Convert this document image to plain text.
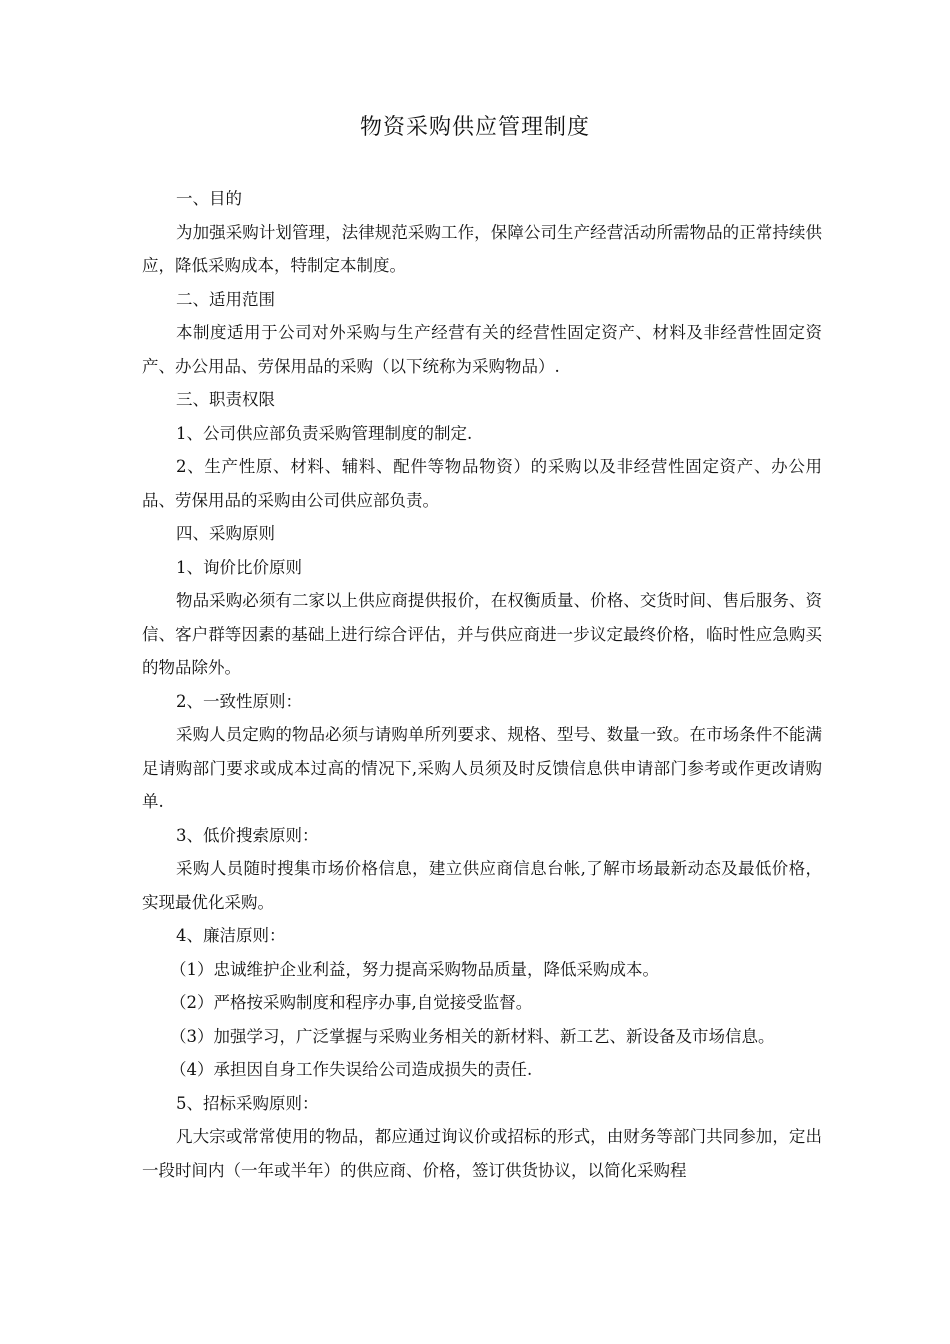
物资采购供应管理制度

一、目的

为加强采购计划管理，法律规范采购工作，保障公司生产经营活动所需物品的正常持续供应，降低采购成本，特制定本制度。

二、适用范围

本制度适用于公司对外采购与生产经营有关的经营性固定资产、材料及非经营性固定资产、办公用品、劳保用品的采购（以下统称为采购物品）.

三、职责权限

1、公司供应部负责采购管理制度的制定.

2、生产性原、材料、辅料、配件等物品物资）的采购以及非经营性固定资产、办公用品、劳保用品的采购由公司供应部负责。

四、采购原则

1、询价比价原则

物品采购必须有二家以上供应商提供报价，在权衡质量、价格、交货时间、售后服务、资信、客户群等因素的基础上进行综合评估，并与供应商进一步议定最终价格，临时性应急购买的物品除外。

2、一致性原则：

采购人员定购的物品必须与请购单所列要求、规格、型号、数量一致。在市场条件不能满足请购部门要求或成本过高的情况下,采购人员须及时反馈信息供申请部门参考或作更改请购单.

3、低价搜索原则：

采购人员随时搜集市场价格信息，建立供应商信息台帐,了解市场最新动态及最低价格，实现最优化采购。

4、廉洁原则：

（1）忠诚维护企业利益，努力提高采购物品质量，降低采购成本。

（2）严格按采购制度和程序办事,自觉接受监督。

（3）加强学习，广泛掌握与采购业务相关的新材料、新工艺、新设备及市场信息。

（4）承担因自身工作失误给公司造成损失的责任.

5、招标采购原则：

凡大宗或常常使用的物品，都应通过询议价或招标的形式，由财务等部门共同参加，定出一段时间内（一年或半年）的供应商、价格，签订供货协议，以简化采购程
